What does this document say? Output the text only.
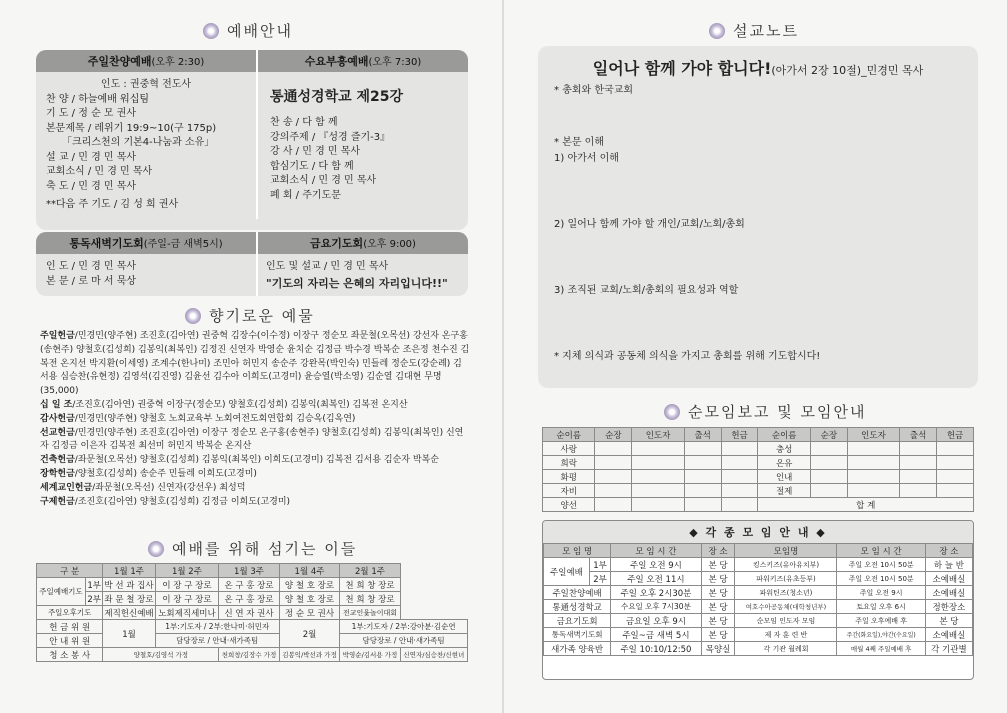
예배안내
주일찬양예배(오후 2:30)
인도 : 권중혁 전도사
찬 양 / 하늘예배 워십팀
기 도 / 정 순 모 권사
본문제목 / 레위기 19:9~10(구 175p)
「크리스천의 기본4-나눔과 소유」
설 교 / 민 경 민 목사
교회소식 / 민 경 민 목사
축 도 / 민 경 민 목사
**다음 주 기도 / 김 성 희 권사
수요부흥예배(오후 7:30)
통通성경학교 제25강
찬 송 / 다 함 께
강의주제 / 『성경 즐기-3』
강 사 / 민 경 민 목사
합심기도 / 다 함 께
교회소식 / 민 경 민 목사
폐 회 / 주기도문
통독새벽기도회(주일-금 새벽5시)
인 도 / 민 경 민 목사
본 문 / 로 마 서 묵상
금요기도회(오후 9:00)
인도 및 설교 / 민 경 민 목사
"기도의 자리는 은혜의 자리입니다!!"
향기로운 예물
주일헌금/민경민(양주현) 조진호(김아연) 권중혁 김장수(이수정) 이장구 정순모 좌문철(오목선) 강선자 온구홍(송현주) 양철호(김성희) 김봉익(최복인) 김정진 신연자 박영순 윤치순 김정금 박수경 박복순 조은정 천수진 김복전 온지선 박지환(이세영) 조계수(한나미) 조민아 허민지 송순주 강완목(박인숙) 민들레 정순도(강순례) 김서용 심승찬(유현정) 김영석(김진영) 김윤선 김수아 이희도(고경미) 윤승열(박소영) 김순열 김대현 무명(35,000)
십 일 조/조진호(김아연) 권중혁 이장구(정순모) 양철호(김성희) 김봉익(최복인) 김복전 온지산
감사헌금/민경민(양주현) 양철호 노회교육부 노회여전도회연합회 김승옥(김옥연)
선교헌금/민경민(양주현) 조진호(김아연) 이장구 정순모 온구홍(송현주) 양철호(김성희) 김봉익(최복인) 신연자 김정금 이은자 김복전 최선미 허민지 박복순 온지산
건축헌금/좌문철(오목선) 양철호(김성희) 김봉익(최복인) 이희도(고경미) 김복전 김서용 김순자 박복순
장학헌금/양철호(김성희) 송순주 민들레 이희도(고경미)
세계교인헌금/좌문철(오목선) 신연자(강선우) 최성덕
구제헌금/조진호(김아연) 양철호(김성희) 김정금 이희도(고경미)
예배를 위해 섬기는 이들
구 분		1월 1주	1월 2주	1월 3주	1월 4주	2월 1주	
주일예배기도	1부	박 선 과 집사	이 장 구 장로	온 구 홍 장로	양 철 호 장로	천 희 창 장로	
	2부	좌 문 철 장로	이 장 구 장로	온 구 홍 장로	양 철 호 장로	천 희 창 장로	
주일오후기도		제직헌신예배	노회제직세미나	신 연 자 권사	정 순 모 권사	전교인윷놀이대회	
헌 금 위 원		1월	1부:기도자 / 2부:한나미·허민자		2월	1부:기도자 / 2부:강아분·김순연	
안 내 위 원			담당장로 / 안내·새가족팀			담당장로 / 안내·새가족팀	
청 소 봉 사		양철호/김영석 가정		천희창/김장수 가정	김봉익/박선과 가정	박영순/김서용 가정	신연자/심승찬/신현녀
설교노트
일어나 함께 가야 합니다!(아가서 2장 10절)_민경민 목사
* 총회와 한국교회
* 본문 이해
1) 아가서 이해
2) 일어나 함께 가야 할 개인/교회/노회/총회
3) 조직된 교회/노회/총회의 필요성과 역할
* 지체 의식과 공동체 의식을 가지고 총회를 위해 기도합시다!
순모임보고 및 모임안내
순이름	순장	인도자	출석	헌금	순이름	순장	인도자	출석	헌금
사랑					충성				
희락					온유				
화평					인내				
자비					절제				
양선					합 계				
◆ 각 종 모 임 안 내 ◆
모 임 명		모 임 시 간	장 소	모임명	모 임 시 간	장 소
주일예배	1부	주일 오전 9시	본 당	킹스키즈(유아유치부)	주일 오전 10시 50분	하 늘 반
	2부	주일 오전 11시	본 당	파워키즈(유초등부)	주일 오전 10시 50분	소예배실
주일찬양예배		주일 오후 2시30분	본 당	파워틴즈(청소년)	주일 오전 9시	소예배실
통通성경학교		수요일 오후 7시30분	본 당	여호수아공동체(대학청년부)	토요일 오후 6시	정한장소
금요기도회		금요일 오후 9시	본 당	순모임 인도자 모임	주일 오후예배 후	본 당
통독새벽기도회		주일~금 새벽 5시	본 당	제 자 훈 련 반	주간(화요일),야간(수요일)	소예배실
새가족 양육반		주일 10:10/12:50	목양실	각 기관 월례회	매월 4째 주일예배 후	각 기관별
